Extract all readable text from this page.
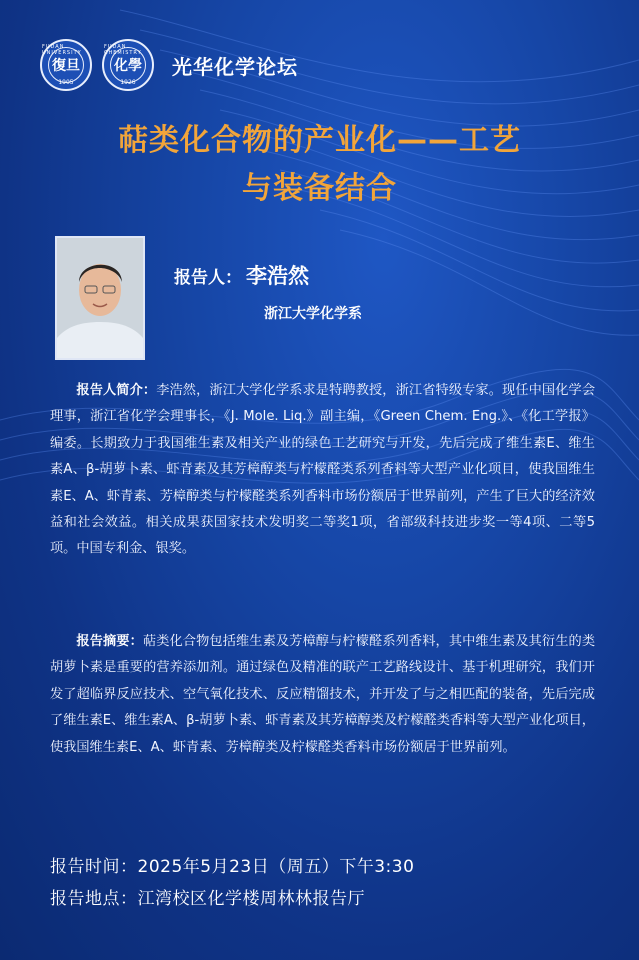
FUDAN UNIVERSITY
復旦
1905
FUDAN CHEMISTRY
化學
1926
光华化学论坛
萜类化合物的产业化——工艺
与装备结合
报告人： 李浩然
浙江大学化学系
报告人简介：李浩然，浙江大学化学系求是特聘教授，浙江省特级专家。现任中国化学会理事，浙江省化学会理事长，《J. Mole. Liq.》副主编，《Green Chem. Eng.》、《化工学报》编委。长期致力于我国维生素及相关产业的绿色工艺研究与开发，先后完成了维生素E、维生素A、β-胡萝卜素、虾青素及其芳樟醇类与柠檬醛类系列香料等大型产业化项目，使我国维生素E、A、虾青素、芳樟醇类与柠檬醛类系列香料市场份额居于世界前列，产生了巨大的经济效益和社会效益。相关成果获国家技术发明奖二等奖1项，省部级科技进步奖一等4项、二等5项。中国专利金、银奖。
报告摘要：萜类化合物包括维生素及芳樟醇与柠檬醛系列香料，其中维生素及其衍生的类胡萝卜素是重要的营养添加剂。通过绿色及精准的联产工艺路线设计、基于机理研究，我们开发了超临界反应技术、空气氧化技术、反应精馏技术，并开发了与之相匹配的装备，先后完成了维生素E、维生素A、β-胡萝卜素、虾青素及其芳樟醇类及柠檬醛类香料等大型产业化项目，使我国维生素E、A、虾青素、芳樟醇类及柠檬醛类香料市场份额居于世界前列。
报告时间：2025年5月23日（周五）下午3:30
报告地点：江湾校区化学楼周林林报告厅
